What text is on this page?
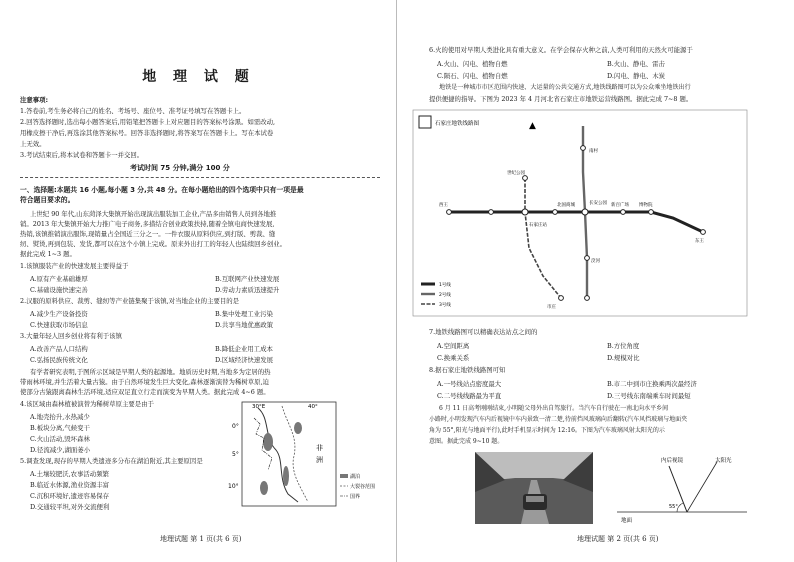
地 理 试 题
注意事项:
1.答卷前,考生务必将自己的姓名、考场号、座位号、准考证号填写在答题卡上。
2.回答选择题时,选出每小题答案后,用铅笔把答题卡上对应题目的答案标号涂黑。如需改动,
用橡皮擦干净后,再选涂其他答案标号。回答非选择题时,将答案写在答题卡上。写在本试卷
上无效。
3.考试结束后,将本试卷和答题卡一并交回。
考试时间 75 分钟,满分 100 分
一、选择题:本题共 16 小题,每小题 3 分,共 48 分。在每小题给出的四个选项中只有一项是最
符合题目要求的。
上世纪 90 年代,山东菏泽大集镇开始出现演出服装加工企业,产品多由销售人员到各地推
销。2013 年大集镇开始大力推广电子商务,多措结合创业政策扶持,随着全镇电商快速发展,
热销,该镇推销演出服饰,现销量占全国近三分之一。一件衣服从原料供应,到打版、剪裁、缝
纫、熨烫,再到包装、发货,都可以在这个小镇上完成。原来外出打工的年轻人也陆续回乡创业。
据此完成 1~3 题。
1.该镇服装产业的快速发展主要得益于
A.原有产业基础雄厚	B.互联网产业快速发展
C.基础设施快速完善	D.劳动力素质迅速提升
2.汉服的原料供应、裁剪、缝纫等产业链集聚于该镇,对当地企业的主要目的是
A.减少生产设备投资	B.集中处理工业污染
C.快速获取市场信息	D.共享当地优惠政策
3.大量年轻人回乡创业将有利于该镇
A.改善产品人口结构	B.降低企业用工成本
C.弘扬民族传统文化	D.区域经济快速发展
有学者研究表明,于图所示区域是早期人类的起源地。地质历史时期,当地多为定居的热
带雨林环境,并生活着大量古猿。由于自然环境发生巨大变化,森林逐渐演替为稀树草原,迫
使部分古猿跟离森林生活环境,适应双足直立行走而演变为早期人类。据此完成 4~6 题。
4.该区域由森林植被演替为稀树草原主要是由于
A.地壳抬升,水热减少
B.板块分离,气候变干
C.火山活动,毁坏森林
D.径流减少,湖面萎小
5.调查发现,现存的早期人类遗迹多分布在湖泊附近,其主要原因是
A.土壤较肥沃,农事活动频繁
B.临近水体源,渔业资源丰富
C.沉积环境好,遗迹容易保存
D.交通较平坦,对外交流便利
0°
5°
10°
30°E	40°
非
洲
湖泊
大裂谷范围
国界
地理试题 第 1 页(共 6 页)
6.火的使用对早期人类进化具有重大意义。在学会保存火种之前,人类可利用的天然火可能源于
A.火山、闪电、植物自燃	B.火山、静电、雷击
C.陨石、闪电、植物自燃	D.闪电、静电、木炭
地铁是一种城市市区范围内快速、大运量的公共交通方式,地铁线路图可以为公众乘坐地铁出行
提供便捷的指导。下图为 2023 年 4 月河北省石家庄市地铁运营线路图。据此完成 7~8 题。
石家庄地铁线路图	▲
西王
石家庄站
长安公园
北国商城	新百广场 博物院
东王
南村
洨河
市庄
世纪公园
1号线
2号线
3号线
7.地铁线路图可以精确表达站点之间的
A.空间距离	B.方位角度
C.换乘关系	D.规模对比
8.据石家庄地铁线路图可知
A.一号线站点密度最大	B.市二中到市庄换乘两次最经济
C.二号线线路最为平直	D.三号线东南端乘车时间最短
6 月 11 日高考刚刚结束,小明随父母外出自驾旅行。当汽车自行驶在一南北向水平乡间
小路时,小明发现汽车内后视镜中车内景致一清二楚,待前挡风玻璃向后翻转(汽车风挡玻璃与地面夹
角为 55°,阳光与地面平行),此时手机显示时间为 12:16。下图为汽车玻璃风射太阳光的示
意图。据此完成 9~10 题。
内后视镜	太阳光
地面
55°
地理试题 第 2 页(共 6 页)
